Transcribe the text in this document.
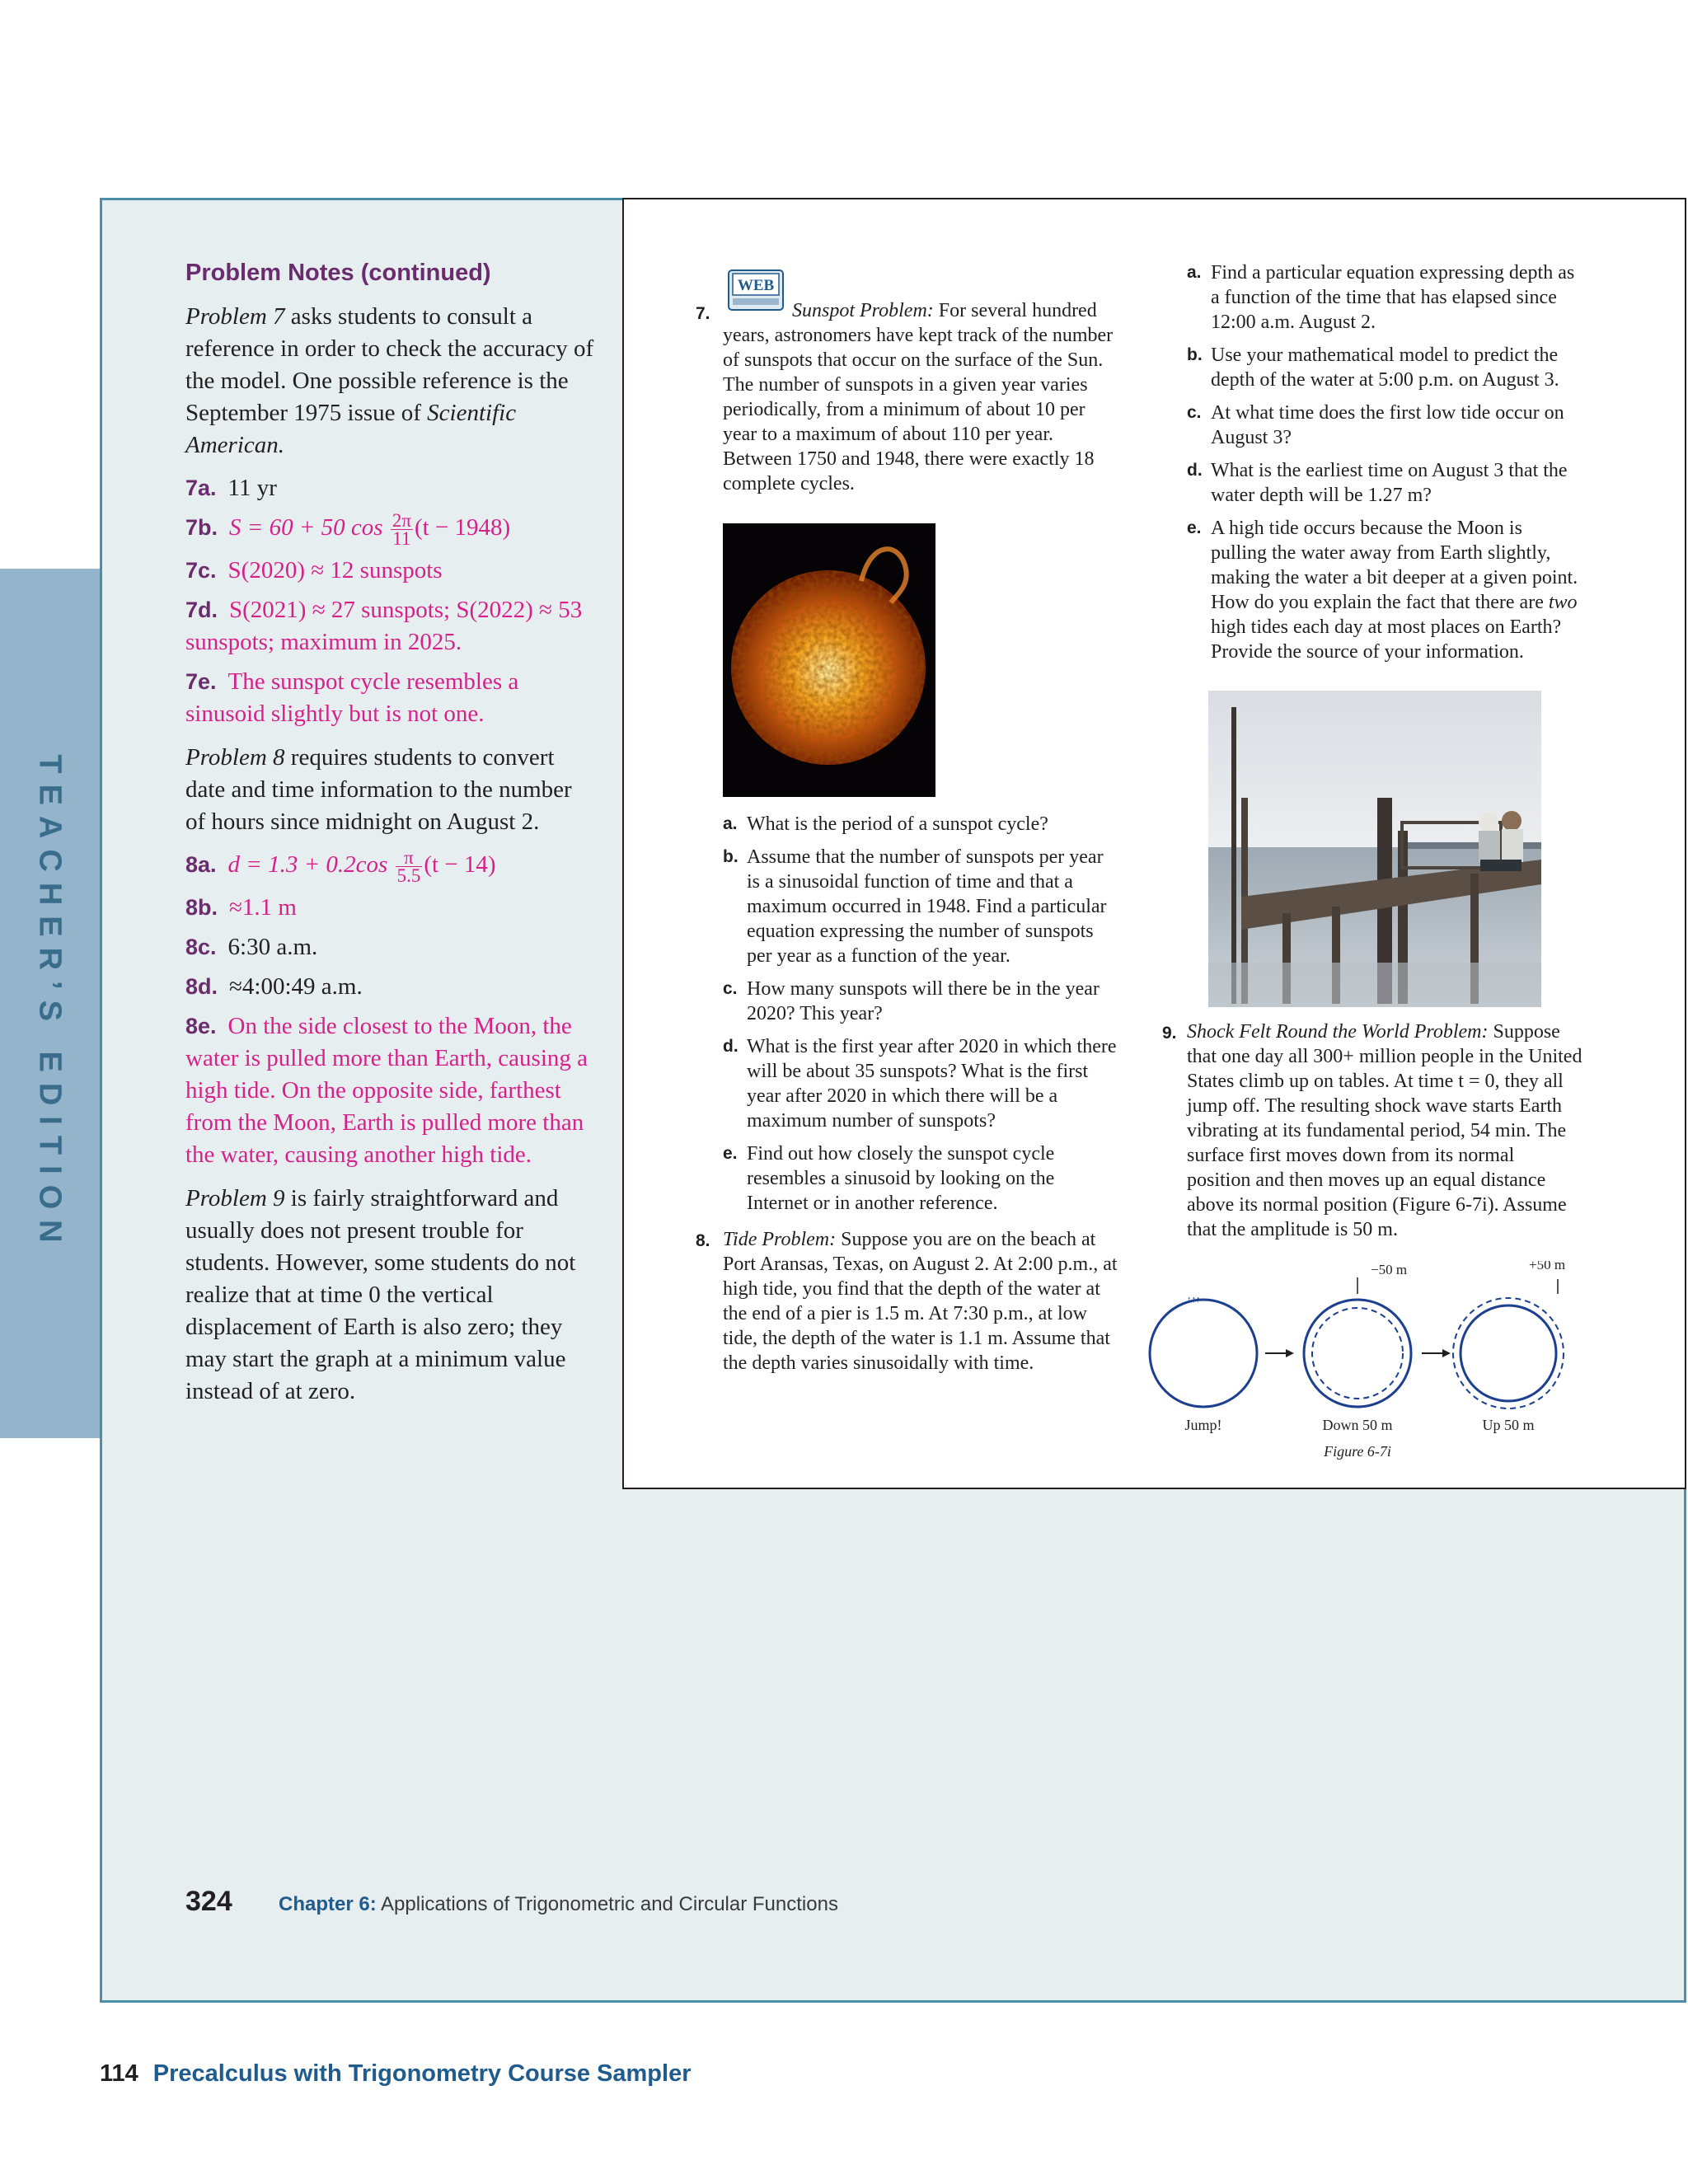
TEACHER’S EDITION
Problem Notes (continued)

Problem 7 asks students to consult a reference in order to check the accuracy of the model. One possible reference is the September 1975 issue of Scientific American.

7a. 11 yr
7b. S = 60 + 50 $\cos \frac{2\pi}{11} (t - 1948)$
7c. S(2020) ≈ 12 sunspots
7d. S(2021) ≈ 27 sunspots; S(2022) ≈ 53 sunspots; maximum in 2025.
7e. The sunspot cycle resembles a sinusoid slightly but is not one.

Problem 8 requires students to convert date and time information to the number of hours since midnight on August 2.

8a. $d = 1.3 + 0.2\cos \frac{\pi}{5.5} (t - 14)$
8b. ≈1.1 m
8c. 6:30 a.m.
8d. ≈4:00:49 a.m.
8e. On the side closest to the Moon, the water is pulled more than Earth, causing a high tide. On the opposite side, farthest from the Moon, Earth is pulled more than the water, causing another high tide.

Problem 9 is fairly straightforward and usually does not present trouble for students. However, some students do not realize that at time 0 the vertical displacement of Earth is also zero; they may start the graph at a minimum value instead of at zero.

WEB
7.	Sunspot Problem: For several hundred years, astronomers have kept track of the number of sunspots that occur on the surface of the Sun. The number of sunspots in a given year varies periodically, from a minimum of about 10 per year to a maximum of about 110 per year. Between 1750 and 1948, there were exactly 18 complete cycles.
a. What is the period of a sunspot cycle?
b. Assume that the number of sunspots per year is a sinusoidal function of time and that a maximum occurred in 1948. Find a particular equation expressing the number of sunspots per year as a function of the year.
c. How many sunspots will there be in the year 2020? This year?
d. What is the first year after 2020 in which there will be about 35 sunspots? What is the first year after 2020 in which there will be a maximum number of sunspots?
e. Find out how closely the sunspot cycle resembles a sinusoid by looking on the Internet or in another reference.
8. Tide Problem: Suppose you are on the beach at Port Aransas, Texas, on August 2. At 2:00 p.m., at high tide, you find that the depth of the water at the end of a pier is 1.5 m. At 7:30 p.m., at low tide, the depth of the water is 1.1 m. Assume that the depth varies sinusoidally with time.
a. Find a particular equation expressing depth as a function of the time that has elapsed since 12:00 a.m. August 2.
b. Use your mathematical model to predict the depth of the water at 5:00 p.m. on August 3.
c. At what time does the first low tide occur on August 3?
d. What is the earliest time on August 3 that the water depth will be 1.27 m?
e. A high tide occurs because the Moon is pulling the water away from Earth slightly, making the water a bit deeper at a given point. How do you explain the fact that there are two high tides each day at most places on Earth? Provide the source of your information.
9. Shock Felt Round the World Problem: Suppose that one day all 300+ million people in the United States climb up on tables. At time t = 0, they all jump off. The resulting shock wave starts Earth vibrating at its fundamental period, 54 min. The surface first moves down from its normal position and then moves up an equal distance above its normal position (Figure 6-7i). Assume that the amplitude is 50 m.
↑↑↑
−50 m	+50 m
Jump!	Down 50 m	Up 50 m
Figure 6-7i
324 Chapter 6: Applications of Trigonometric and Circular Functions
114 Precalculus with Trigonometry Course Sampler
